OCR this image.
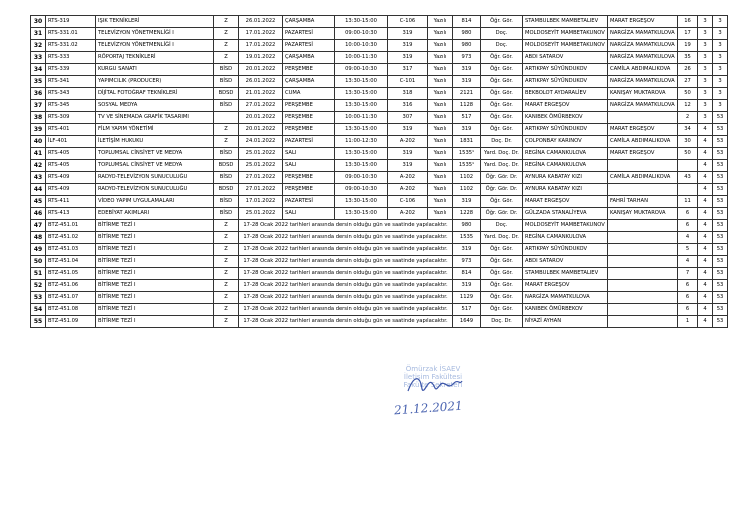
30	RTS-319	IŞIK TEKNİKLERİ	Z	26.01.2022	ÇARŞAMBA	13:30-15:00	C-106	Yazılı	814	Öğr. Gör.	STAMBULBEK MAMBETALIEV	MARAT ERGEŞOV	16	3	3
31	RTS-331.01	TELEVİZYON YÖNETMENLİĞİ I	Z	17.01.2022	PAZARTESİ	09:00-10:30	319	Yazılı	980	Doç.	MOLDOSEYİT MAMBETAKUNOV	NARGİZA MAMATKULOVA	17	3	3
32	RTS-331.02	TELEVİZYON YÖNETMENLİĞİ I	Z	17.01.2022	PAZARTESİ	10:00-10:30	319	Yazılı	980	Doç.	MOLDOSEYİT MAMBETAKUNOV	NARGİZA MAMATKULOVA	19	3	3
33	RTS-333	RÖPORTAJ TEKNİKLERİ	Z	19.01.2022	ÇARŞAMBA	10:00-11:30	319	Yazılı	973	Öğr. Gör.	ABDI SATAROV	NARGİZA MAMATKULOVA	35	3	3
34	RTS-339	KURGU SANATI	BİSD	20.01.2022	PERŞEMBE	09:00-10:30	317	Yazılı	319	Öğr. Gör.	ARTIKPAY SÜYÜNDUKOV	CAMİLA ABDIMALIKOVA	26	3	3
35	RTS-341	YAPIMCILIK (PRODUCER)	BİSD	26.01.2022	ÇARŞAMBA	13:30-15:00	C-101	Yazılı	319	Öğr. Gör.	ARTIKPAY SÜYÜNDUKOV	NARGİZA MAMATKULOVA	27	3	3
36	RTS-343	DİJİTAL FOTOĞRAF TEKNİKLERİ	BDSD	21.01.2022	CUMA	13:30-15:00	318	Yazılı	2121	Öğr. Gör.	BEKBOLOT AYDARALİEV	KANIŞAY MUKTAROVA	50	3	3
37	RTS-345	SOSYAL MEDYA	BİSD	27.01.2022	PERŞEMBE	13:30-15:00	316	Yazılı	1128	Öğr. Gör.	MARAT ERGEŞOV	NARGİZA MAMATKULOVA	12	3	3
38	RTS-309	TV VE SİNEMADA GRAFİK TASARIMI		20.01.2022	PERŞEMBE	10:00-11:30	307	Yazılı	517	Öğr. Gör.	KANIBEK ÖMÜRBEKOV		2	3	53
39	RTS-401	FİLM YAPIM YÖNETİMİ	Z	20.01.2022	PERŞEMBE	13:30-15:00	319	Yazılı	319	Öğr. Gör.	ARTIKPAY SÜYÜNDUKOV	MARAT ERGEŞOV	34	4	53
40	İLF-401	İLETİŞİM HUKUKU	Z	24.01.2022	PAZARTESİ	11:00-12:30	A-202	Yazılı	1831	Doç. Dr.	ÇOLPONBAY KARINOV	CAMİLA ABDIMALIKOVA	30	4	53
41	RTS-405	TOPLUMSAL CİNSİYET VE MEDYA	BİSD	25.01.2022	SALI	13:30-15:00	319	Yazılı	1535¹	Yard. Doç. Dr.	REGİNA CAMANKULOVA	MARAT ERGEŞOV	50	4	53
42	RTS-405	TOPLUMSAL CİNSİYET VE MEDYA	BDSD	25.01.2022	SALI	13:30-15:00	319	Yazılı	1535¹	Yard. Doç. Dr.	REGİNA CAMANKULOVA			4	53
43	RTS-409	RADYO-TELEVİZYON SUNUCULUĞU	BİSD	27.01.2022	PERŞEMBE	09:00-10:30	A-202	Yazılı	1102	Öğr. Gör. Dr.	AYNURA KABATAY KIZI	CAMİLA ABDIMALIKOVA	43	4	53
44	RTS-409	RADYO-TELEVİZYON SUNUCULUĞU	BDSD	27.01.2022	PERŞEMBE	09:00-10:30	A-202	Yazılı	1102	Öğr. Gör. Dr.	AYNURA KABATAY KIZI			4	53
45	RTS-411	VİDEO YAPIM UYGULAMALARI	BİSD	17.01.2022	PAZARTESİ	13:30-15:00	C-106	Yazılı	319	Öğr. Gör.	MARAT ERGEŞOV	FAHRİ TARHAN	11	4	53
46	RTS-413	EDEBİYAT AKIMLARI	BİSD	25.01.2022	SALI	13:30-15:00	A-202	Yazılı	1228	Öğr. Gör. Dr.	GÜLZADA STANALİYEVA	KANIŞAY MUKTAROVA	6	4	53
47	BTZ-451.01	BİTİRME TEZİ I	Z	17-28 Ocak 2022 tarihleri arasında dersin olduğu gün ve saatinde yapılacaktır.					980	Doç.	MOLDOSEYİT MAMBETAKUNOV		6	4	53
48	BTZ-451.02	BİTİRME TEZİ I	Z	17-28 Ocak 2022 tarihleri arasında dersin olduğu gün ve saatinde yapılacaktır.					1535	Yard. Doç. Dr.	REGİNA CAMANKULOVA		4	4	53
49	BTZ-451.03	BİTİRME TEZİ I	Z	17-28 Ocak 2022 tarihleri arasında dersin olduğu gün ve saatinde yapılacaktır.					319	Öğr. Gör.	ARTIKPAY SÜYÜNDUKOV		5	4	53
50	BTZ-451.04	BİTİRME TEZİ I	Z	17-28 Ocak 2022 tarihleri arasında dersin olduğu gün ve saatinde yapılacaktır.					973	Öğr. Gör.	ABDI SATAROV		4	4	53
51	BTZ-451.05	BİTİRME TEZİ I	Z	17-28 Ocak 2022 tarihleri arasında dersin olduğu gün ve saatinde yapılacaktır.					814	Öğr. Gör.	STAMBULBEK MAMBETALIEV		7	4	53
52	BTZ-451.06	BİTİRME TEZİ I	Z	17-28 Ocak 2022 tarihleri arasında dersin olduğu gün ve saatinde yapılacaktır.					319	Öğr. Gör.	MARAT ERGEŞOV		6	4	53
53	BTZ-451.07	BİTİRME TEZİ I	Z	17-28 Ocak 2022 tarihleri arasında dersin olduğu gün ve saatinde yapılacaktır.					1129	Öğr. Gör.	NARGİZA MAMATKULOVA		6	4	53
54	BTZ-451.08	BİTİRME TEZİ I	Z	17-28 Ocak 2022 tarihleri arasında dersin olduğu gün ve saatinde yapılacaktır.					517	Öğr. Gör.	KANIBEK ÖMÜRBEKOV		6	4	53
55	BTZ-451.09	BİTİRME TEZİ I	Z	17-28 Ocak 2022 tarihleri arasında dersin olduğu gün ve saatinde yapılacaktır.					1649	Doç. Dr.	NİYAZİ AYHAN		1	4	53
Ömürzak İSAEV
İletişim Fakültesi
Fakülte Sekreteri
21.12.2021
